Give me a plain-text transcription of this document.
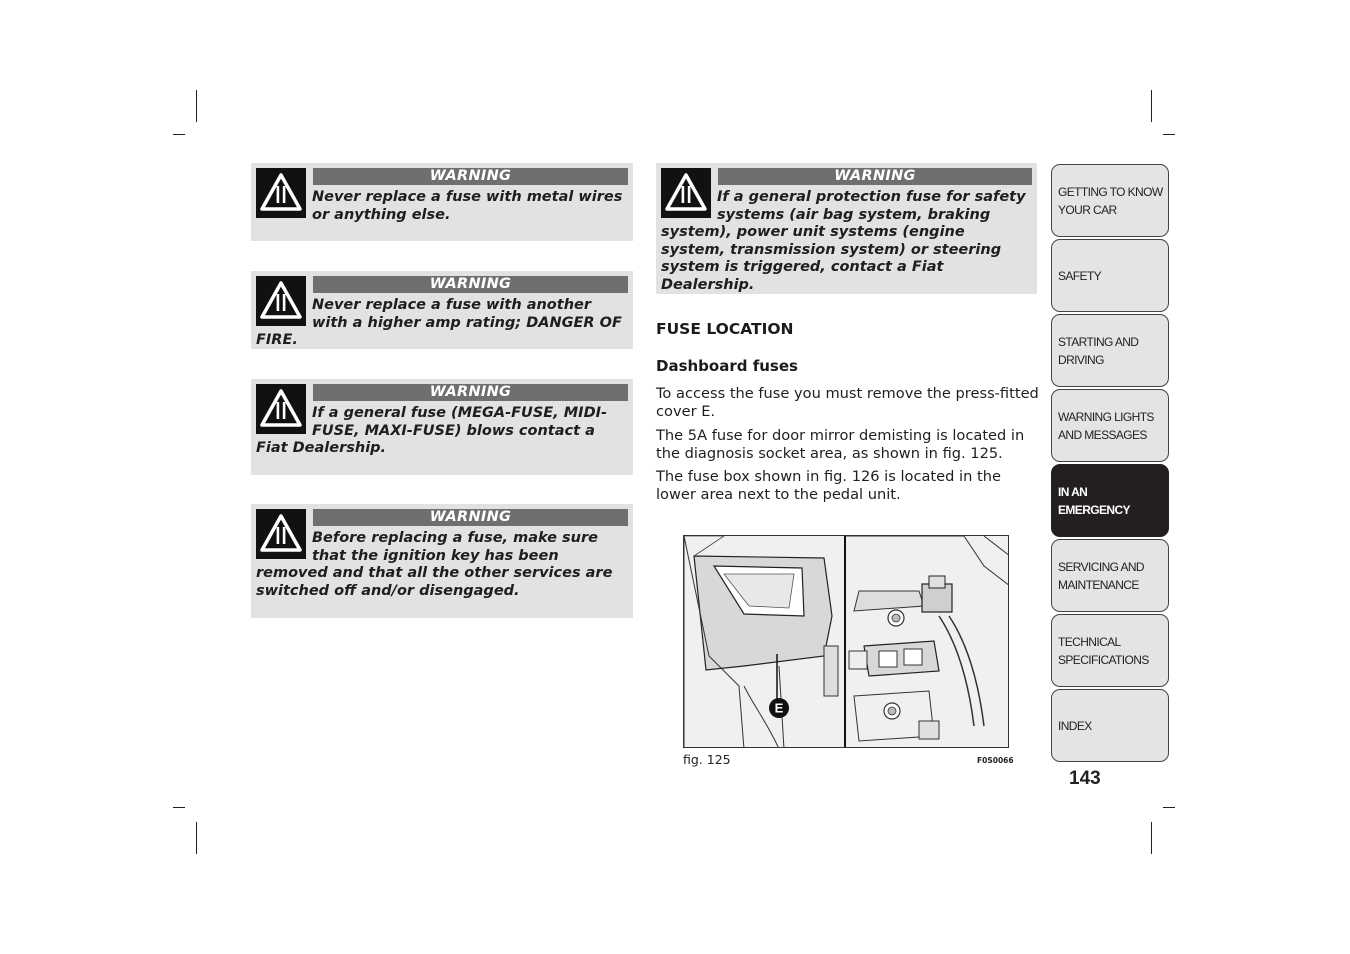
WARNING
Never replace a fuse with metal wires or anything else.
WARNING
Never replace a fuse with another with a higher amp rating; DANGER OF FIRE.
WARNING
If a general fuse (MEGA-FUSE, MIDI-FUSE, MAXI-FUSE) blows contact a Fiat Dealership.
WARNING
Before replacing a fuse, make sure that the ignition key has been removed and that all the other services are switched off and/or disengaged.
WARNING
If a general protection fuse for safety systems (air bag system, braking system), power unit systems (engine system, transmission system) or steering system is triggered, contact a Fiat Dealership.
FUSE LOCATION
Dashboard fuses
To access the fuse you must remove the press-fitted cover E.
The 5A fuse for door mirror demisting is located in the diagnosis socket area, as shown in fig. 125.
The fuse box shown in fig. 126 is located in the lower area next to the pedal unit.
E
fig. 125	F0S0066
GETTING TO KNOW
YOUR CAR
SAFETY
STARTING AND
DRIVING
WARNING LIGHTS
AND MESSAGES
IN AN
EMERGENCY
SERVICING AND
MAINTENANCE
TECHNICAL
SPECIFICATIONS
INDEX
143
